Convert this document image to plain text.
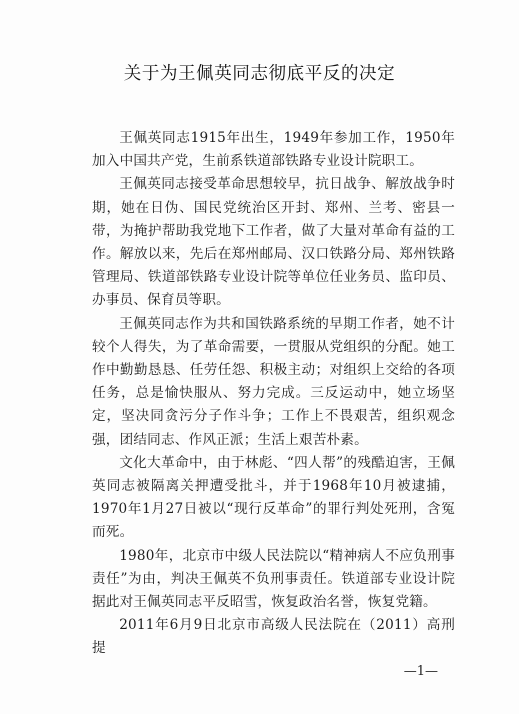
关于为王佩英同志彻底平反的决定

王佩英同志1915年出生，1949年参加工作，1950年加入中国共产党，生前系铁道部铁路专业设计院职工。

王佩英同志接受革命思想较早，抗日战争、解放战争时期，她在日伪、国民党统治区开封、郑州、兰考、密县一带，为掩护帮助我党地下工作者，做了大量对革命有益的工作。解放以来，先后在郑州邮局、汉口铁路分局、郑州铁路管理局、铁道部铁路专业设计院等单位任业务员、监印员、办事员、保育员等职。

王佩英同志作为共和国铁路系统的早期工作者，她不计较个人得失，为了革命需要，一贯服从党组织的分配。她工作中勤勤恳恳、任劳任怨、积极主动；对组织上交给的各项任务，总是愉快服从、努力完成。三反运动中，她立场坚定，坚决同贪污分子作斗争；工作上不畏艰苦，组织观念强，团结同志、作风正派；生活上艰苦朴素。

文化大革命中，由于林彪、“四人帮”的残酷迫害，王佩英同志被隔离关押遭受批斗，并于1968年10月被逮捕，1970年1月27日被以“现行反革命”的罪行判处死刑，含冤而死。

1980年，北京市中级人民法院以“精神病人不应负刑事责任”为由，判决王佩英不负刑事责任。铁道部专业设计院据此对王佩英同志平反昭雪，恢复政治名誉，恢复党籍。

2011年6月9日北京市高级人民法院在（2011）高刑提

—1—
